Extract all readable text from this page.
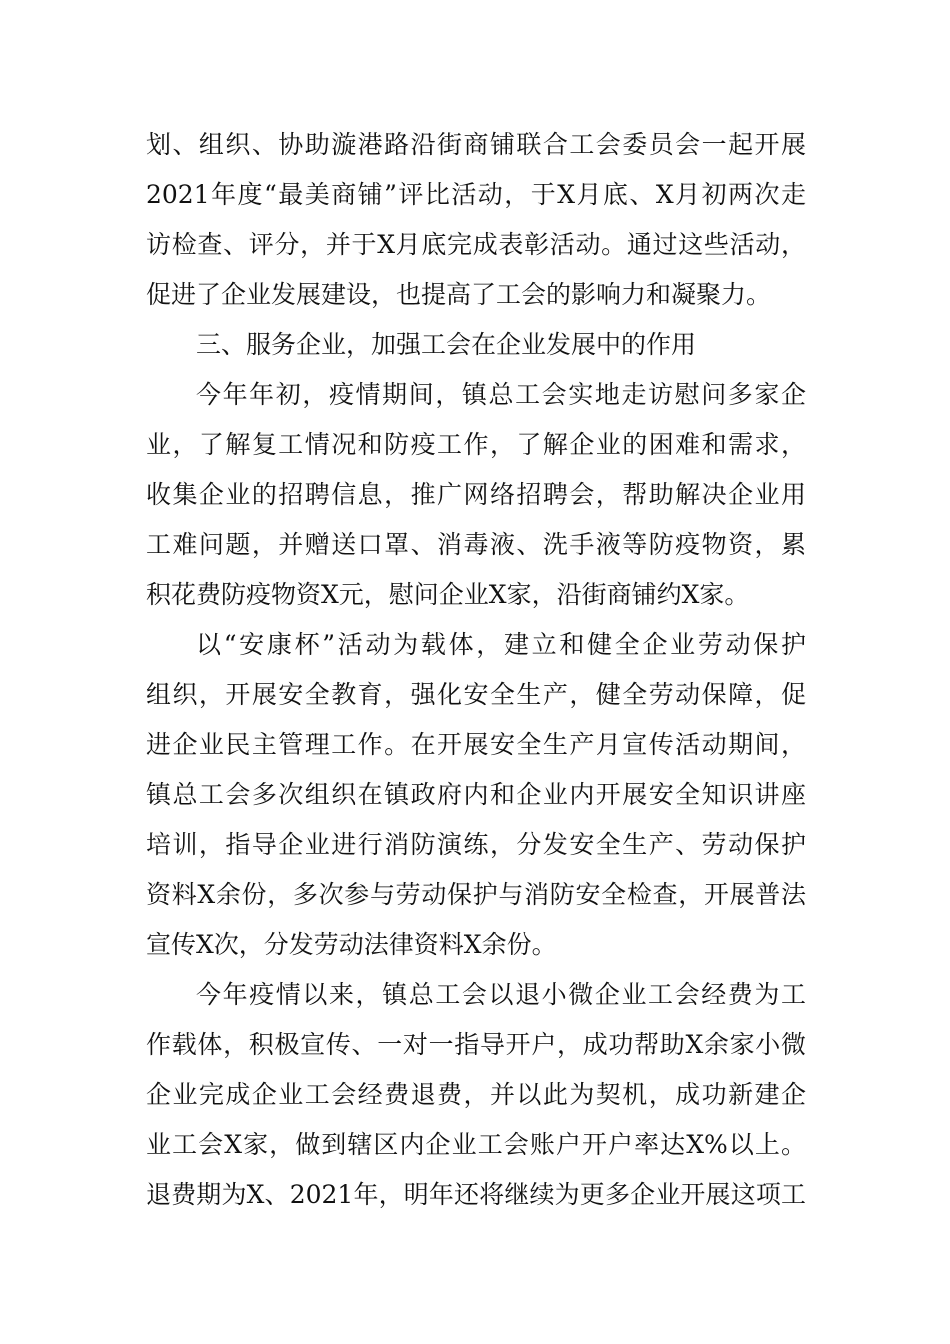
划、组织、协助漩港路沿街商铺联合工会委员会一起开展
2021年度“最美商铺”评比活动，于X月底、X月初两次走
访检查、评分，并于X月底完成表彰活动。通过这些活动，
促进了企业发展建设，也提高了工会的影响力和凝聚力。
三、服务企业，加强工会在企业发展中的作用
今年年初，疫情期间，镇总工会实地走访慰问多家企
业，了解复工情况和防疫工作，了解企业的困难和需求，
收集企业的招聘信息，推广网络招聘会，帮助解决企业用
工难问题，并赠送口罩、消毒液、洗手液等防疫物资，累
积花费防疫物资X元，慰问企业X家，沿街商铺约X家。
以“安康杯”活动为载体，建立和健全企业劳动保护
组织，开展安全教育，强化安全生产，健全劳动保障，促
进企业民主管理工作。在开展安全生产月宣传活动期间，
镇总工会多次组织在镇政府内和企业内开展安全知识讲座
培训，指导企业进行消防演练，分发安全生产、劳动保护
资料X余份，多次参与劳动保护与消防安全检查，开展普法
宣传X次，分发劳动法律资料X余份。
今年疫情以来，镇总工会以退小微企业工会经费为工
作载体，积极宣传、一对一指导开户，成功帮助X余家小微
企业完成企业工会经费退费，并以此为契机，成功新建企
业工会X家，做到辖区内企业工会账户开户率达X%以上。
退费期为X、2021年，明年还将继续为更多企业开展这项工
